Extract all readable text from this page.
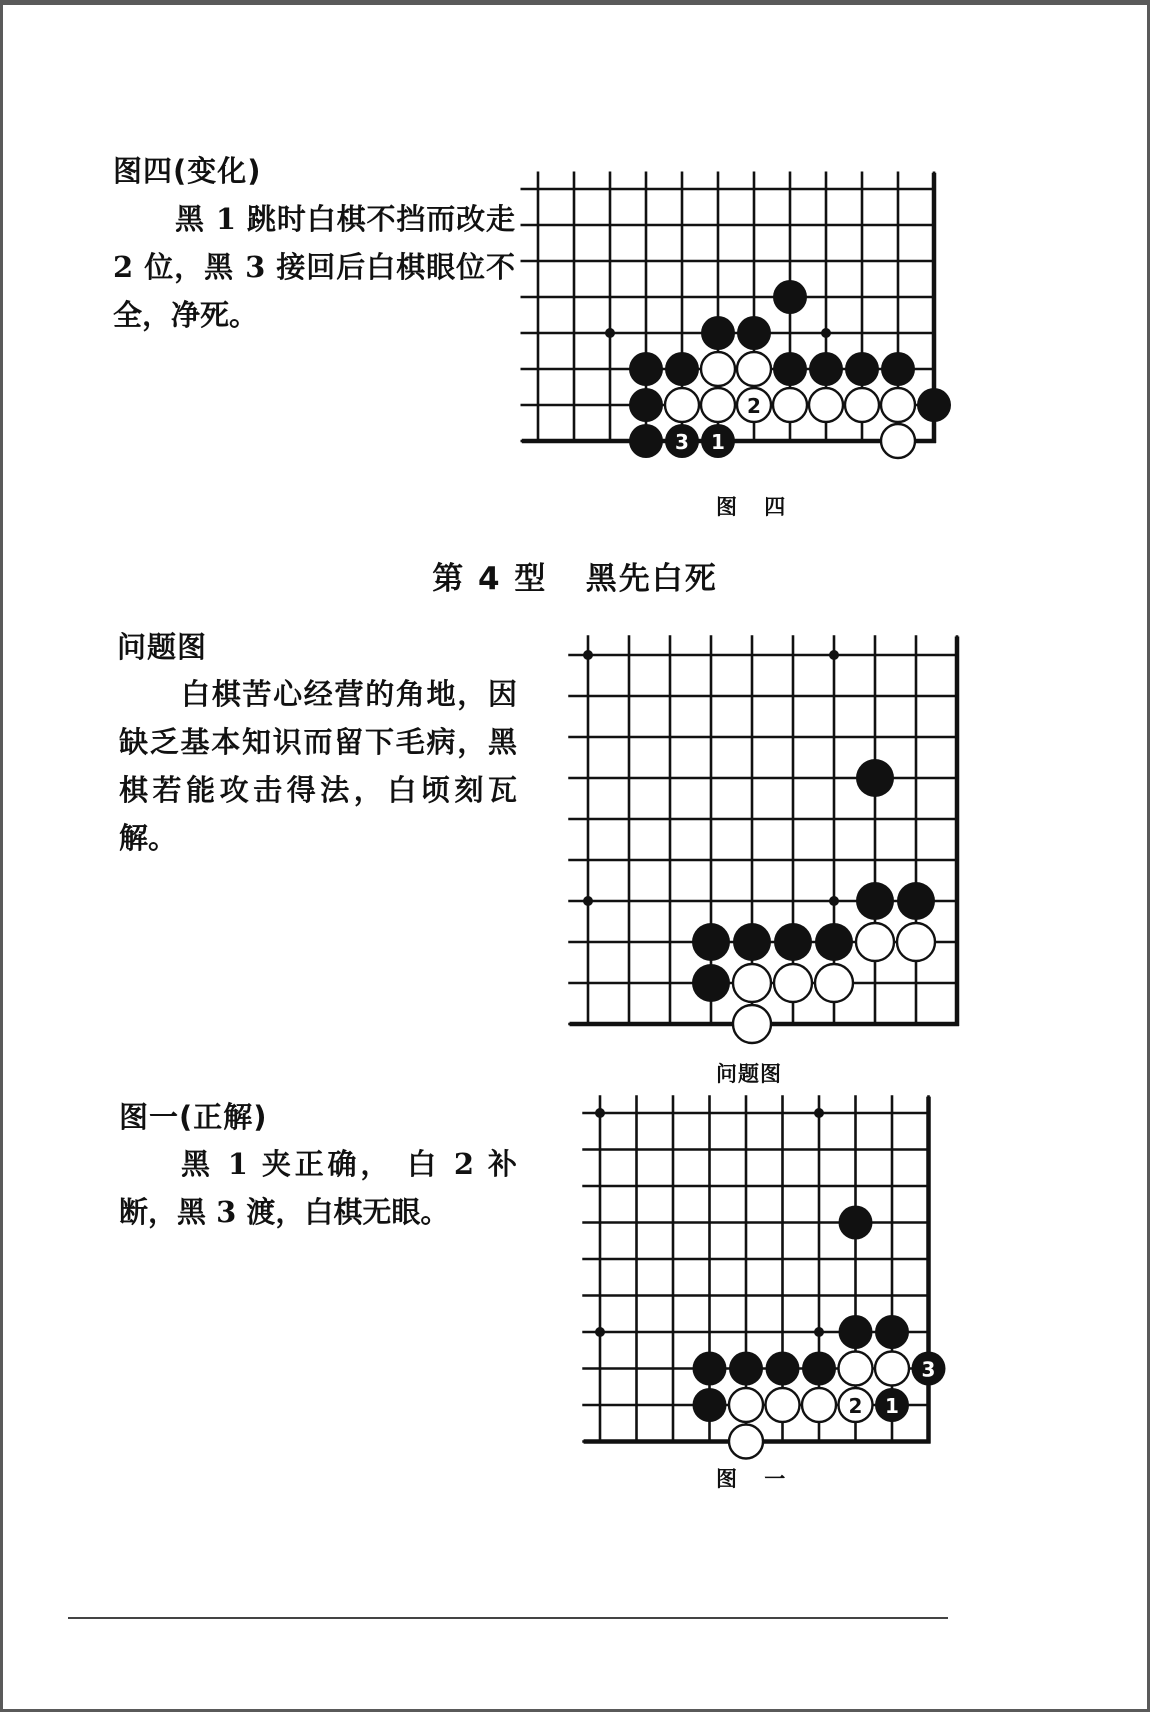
图四(变化)
黑 1 跳时白棋不挡而改走 2 位，黑 3 接回后白棋眼位不全，净死。
2
3 1
图 四
第 4 型   黑先白死
问题图
白棋苦心经营的角地，因缺乏基本知识而留下毛病，黑棋若能攻击得法，白顷刻瓦解。
问题图
图一(正解)
黑 1 夹正确， 白 2 补断，黑 3 渡，白棋无眼。
3
2 1
图 一
